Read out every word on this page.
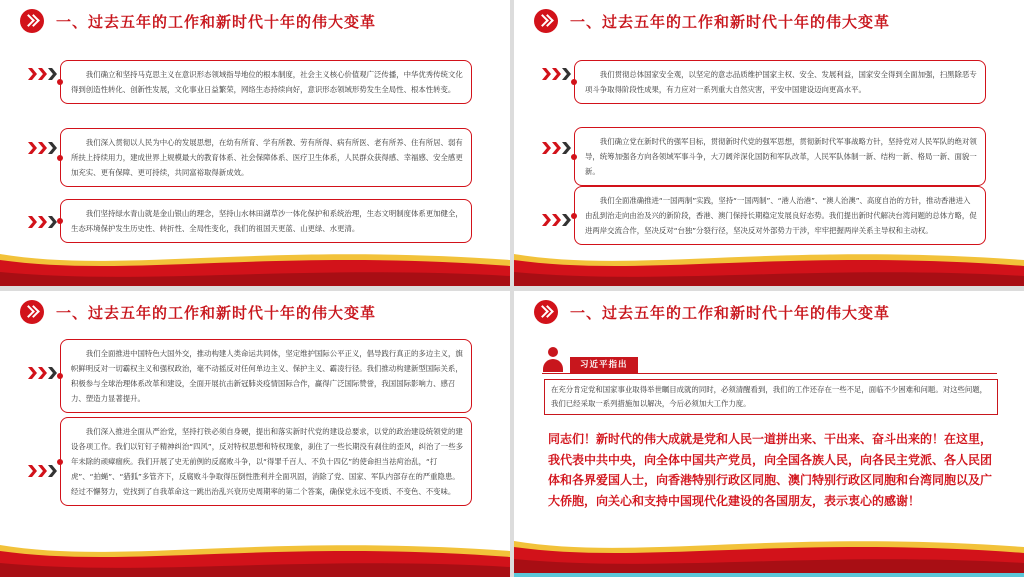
一、过去五年的工作和新时代十年的伟大变革
我们确立和坚持马克思主义在意识形态领域指导地位的根本制度，社会主义核心价值观广泛传播，中华优秀传统文化得到创造性转化、创新性发展，文化事业日益繁荣，网络生态持续向好，意识形态领域形势发生全局性、根本性转变。
我们深入贯彻以人民为中心的发展思想，在幼有所育、学有所教、劳有所得、病有所医、老有所养、住有所居、弱有所扶上持续用力，建成世界上规模最大的教育体系、社会保障体系、医疗卫生体系，人民群众获得感、幸福感、安全感更加充实、更有保障、更可持续，共同富裕取得新成效。
我们坚持绿水青山就是金山银山的理念，坚持山水林田湖草沙一体化保护和系统治理，生态文明制度体系更加健全，生态环境保护发生历史性、转折性、全局性变化，我们的祖国天更蓝、山更绿、水更清。
一、过去五年的工作和新时代十年的伟大变革
我们贯彻总体国家安全观，以坚定的意志品质维护国家主权、安全、发展利益，国家安全得到全面加强，扫黑除恶专项斗争取得阶段性成果，有力应对一系列重大自然灾害，平安中国建设迈向更高水平。
我们确立党在新时代的强军目标，贯彻新时代党的强军思想，贯彻新时代军事战略方针，坚持党对人民军队的绝对领导，统筹加强各方向各领域军事斗争，大刀阔斧深化国防和军队改革，人民军队体制一新、结构一新、格局一新、面貌一新。
我们全面准确推进“一国两制”实践，坚持“一国两制”、“港人治港”、“澳人治澳”、高度自治的方针，推动香港进入由乱到治走向由治及兴的新阶段，香港、澳门保持长期稳定发展良好态势。我们提出新时代解决台湾问题的总体方略，促进两岸交流合作，坚决反对“台独”分裂行径，坚决反对外部势力干涉，牢牢把握两岸关系主导权和主动权。
一、过去五年的工作和新时代十年的伟大变革
我们全面推进中国特色大国外交，推动构建人类命运共同体，坚定维护国际公平正义，倡导践行真正的多边主义，旗帜鲜明反对一切霸权主义和强权政治，毫不动摇反对任何单边主义、保护主义、霸凌行径。我们推动构建新型国际关系，积极参与全球治理体系改革和建设，全面开展抗击新冠肺炎疫情国际合作，赢得广泛国际赞誉，我国国际影响力、感召力、塑造力显著提升。
我们深入推进全面从严治党，坚持打铁必须自身硬，提出和落实新时代党的建设总要求，以党的政治建设统领党的建设各项工作。我们以钉钉子精神纠治“四风”，反对特权思想和特权现象，刹住了一些长期没有刹住的歪风，纠治了一些多年未除的顽瘴痼疾。我们开展了史无前例的反腐败斗争，以“得罪千百人、不负十四亿”的使命担当祛疴治乱，“打虎”、“拍蝇”、“猎狐”多管齐下，反腐败斗争取得压倒性胜利并全面巩固，消除了党、国家、军队内部存在的严重隐患。经过不懈努力，党找到了自我革命这一跳出治乱兴衰历史周期率的第二个答案，确保党永远不变质、不变色、不变味。
一、过去五年的工作和新时代十年的伟大变革
习近平指出
在充分肯定党和国家事业取得举世瞩目成就的同时，必须清醒看到，我们的工作还存在一些不足，面临不少困难和问题。对这些问题，我们已经采取一系列措施加以解决，今后必须加大工作力度。
同志们！新时代的伟大成就是党和人民一道拼出来、干出来、奋斗出来的！在这里，我代表中共中央，向全体中国共产党员，向全国各族人民，向各民主党派、各人民团体和各界爱国人士，向香港特别行政区同胞、澳门特别行政区同胞和台湾同胞以及广大侨胞，向关心和支持中国现代化建设的各国朋友，表示衷心的感谢！
